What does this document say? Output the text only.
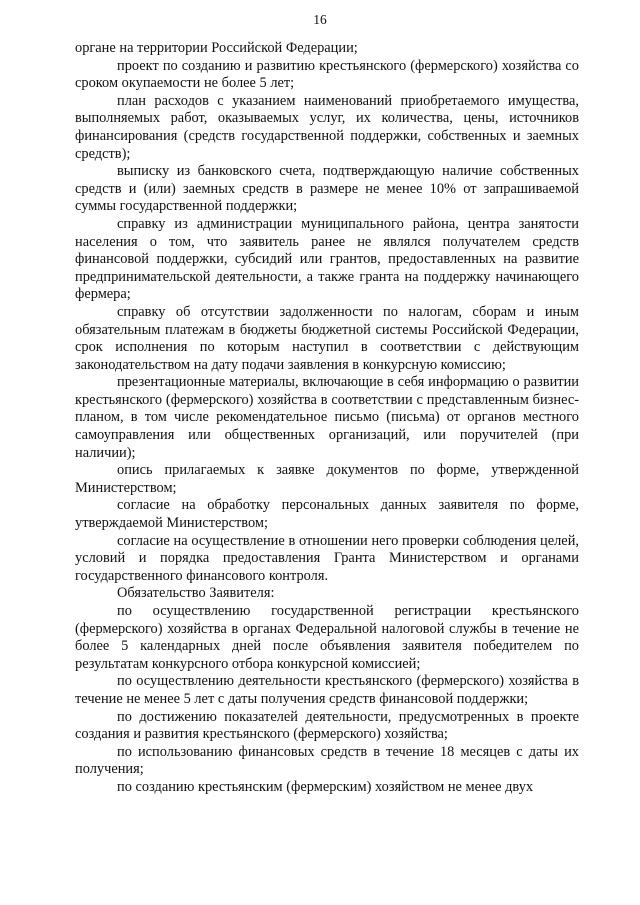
16

органе на территории Российской Федерации;

проект по созданию и развитию крестьянского (фермерского) хозяйства со сроком окупаемости не более 5 лет;

план расходов с указанием наименований приобретаемого имущества, выполняемых работ, оказываемых услуг, их количества, цены, источников финансирования (средств государственной поддержки, собственных и заемных средств);

выписку из банковского счета, подтверждающую наличие собственных средств и (или) заемных средств в размере не менее 10% от запрашиваемой суммы государственной поддержки;

справку из администрации муниципального района, центра занятости населения о том, что заявитель ранее не являлся получателем средств финансовой поддержки, субсидий или грантов, предоставленных на развитие предпринимательской деятельности, а также гранта на поддержку начинающего фермера;

справку об отсутствии задолженности по налогам, сборам и иным обязательным платежам в бюджеты бюджетной системы Российской Федерации, срок исполнения по которым наступил в соответствии с действующим законодательством на дату подачи заявления в конкурсную комиссию;

презентационные материалы, включающие в себя информацию о развитии крестьянского (фермерского) хозяйства в соответствии с представленным бизнес-планом, в том числе рекомендательное письмо (письма) от органов местного самоуправления или общественных организаций, или поручителей (при наличии);

опись прилагаемых к заявке документов по форме, утвержденной Министерством;

согласие на обработку персональных данных заявителя по форме, утверждаемой Министерством;

согласие на осуществление в отношении него проверки соблюдения целей, условий и порядка предоставления Гранта Министерством и органами государственного финансового контроля.

Обязательство Заявителя:

по осуществлению государственной регистрации крестьянского (фермерского) хозяйства в органах Федеральной налоговой службы в течение не более 5 календарных дней после объявления заявителя победителем по результатам конкурсного отбора конкурсной комиссией;

по осуществлению деятельности крестьянского (фермерского) хозяйства в течение не менее 5 лет с даты получения средств финансовой поддержки;

по достижению показателей деятельности, предусмотренных в проекте создания и развития крестьянского (фермерского) хозяйства;

по использованию финансовых средств в течение 18 месяцев с даты их получения;

по созданию крестьянским (фермерским) хозяйством не менее двух
